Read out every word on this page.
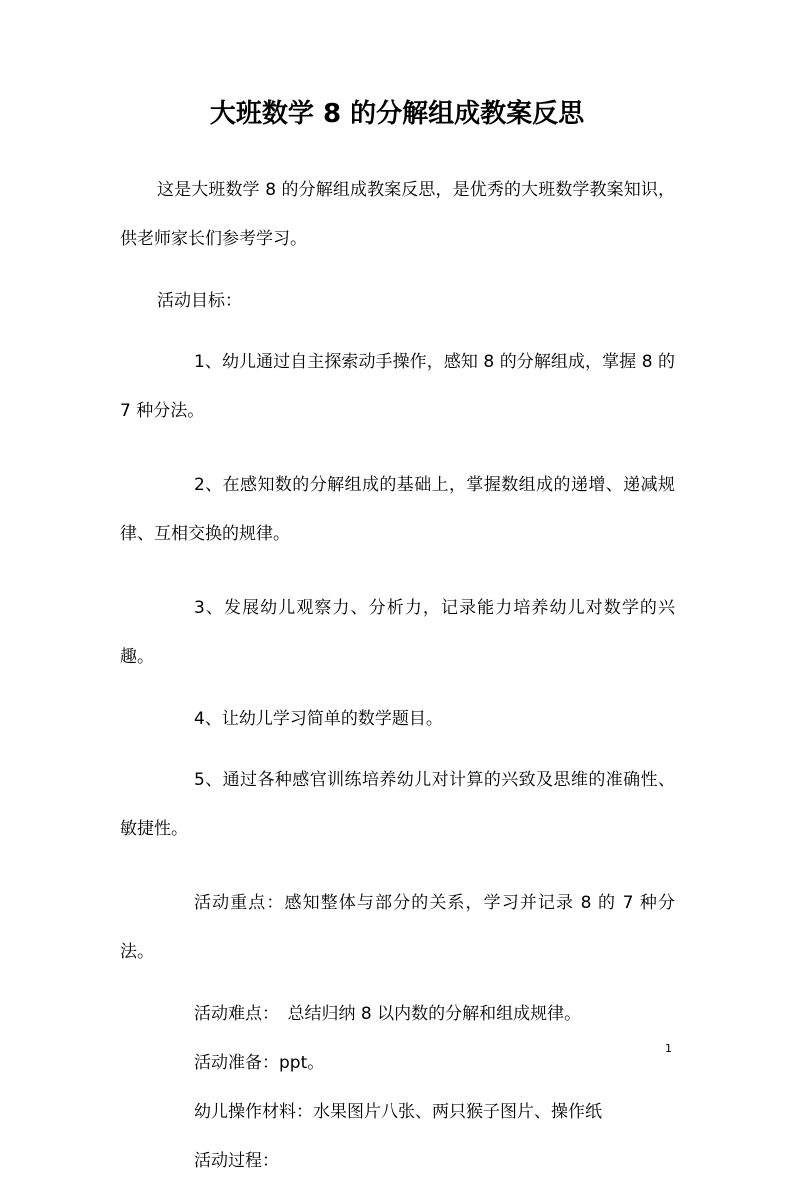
大班数学 8 的分解组成教案反思

这是大班数学 8 的分解组成教案反思，是优秀的大班数学教案知识，供老师家长们参考学习。

活动目标：

1、幼儿通过自主探索动手操作，感知 8 的分解组成，掌握 8 的 7 种分法。

2、在感知数的分解组成的基础上，掌握数组成的递增、递减规律、互相交换的规律。

3、发展幼儿观察力、分析力，记录能力培养幼儿对数学的兴趣。

4、让幼儿学习简单的数学题目。

5、通过各种感官训练培养幼儿对计算的兴致及思维的准确性、敏捷性。

活动重点：感知整体与部分的关系，学习并记录 8 的 7 种分法。

活动难点：　总结归纳 8 以内数的分解和组成规律。

活动准备：ppt。

幼儿操作材料：水果图片八张、两只猴子图片、操作纸

活动过程：

1
